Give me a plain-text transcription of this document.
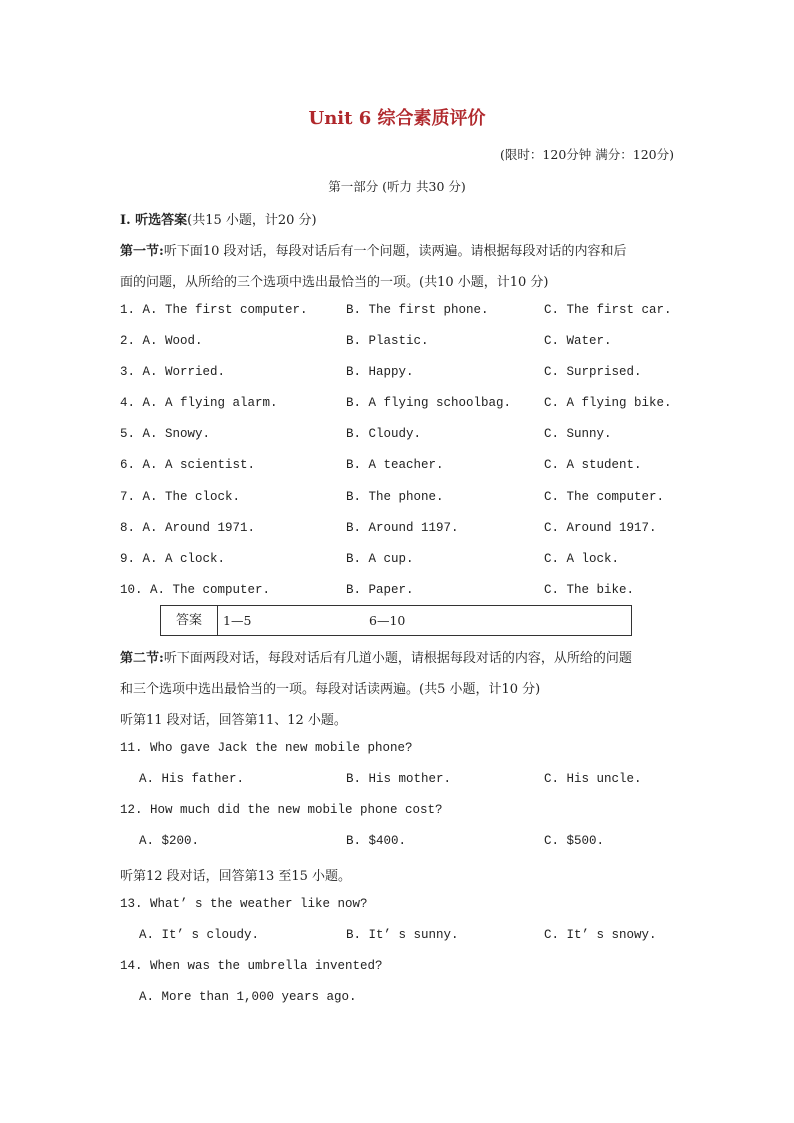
Unit 6 综合素质评价
(限时：120分钟 满分：120分)
第一部分 (听力 共30 分)
I. 听选答案(共15 小题，计20 分)
第一节:听下面10 段对话，每段对话后有一个问题，读两遍。请根据每段对话的内容和后
面的问题，从所给的三个选项中选出最恰当的一项。(共10 小题，计10 分)
1. A. The first computer.	B. The first phone.	C. The first car.
2. A. Wood.	B. Plastic.	C. Water.
3. A. Worried.	B. Happy.	C. Surprised.
4. A. A flying alarm.	B. A flying schoolbag.	C. A flying bike.
5. A. Snowy.	B. Cloudy.	C. Sunny.
6. A. A scientist.	B. A teacher.	C. A student.
7. A. The clock.	B. The phone.	C. The computer.
8. A. Around 1971.	B. Around 1197.	C. Around 1917.
9. A. A clock.	B. A cup.	C. A lock.
10. A. The computer.	B. Paper.	C. The bike.
答案	1—5	6—10
第二节:听下面两段对话，每段对话后有几道小题，请根据每段对话的内容，从所给的问题
和三个选项中选出最恰当的一项。每段对话读两遍。(共5 小题，计10 分)
听第11 段对话，回答第11、12 小题。
11. Who gave Jack the new mobile phone?
A. His father.	B. His mother.	C. His uncle.
12. How much did the new mobile phone cost?
A. $200.	B. $400.	C. $500.
听第12 段对话，回答第13 至15 小题。
13. What’ s the weather like now?
A. It’ s cloudy.	B. It’ s sunny.	C. It’ s snowy.
14. When was the umbrella invented?
A. More than 1,000 years ago.
